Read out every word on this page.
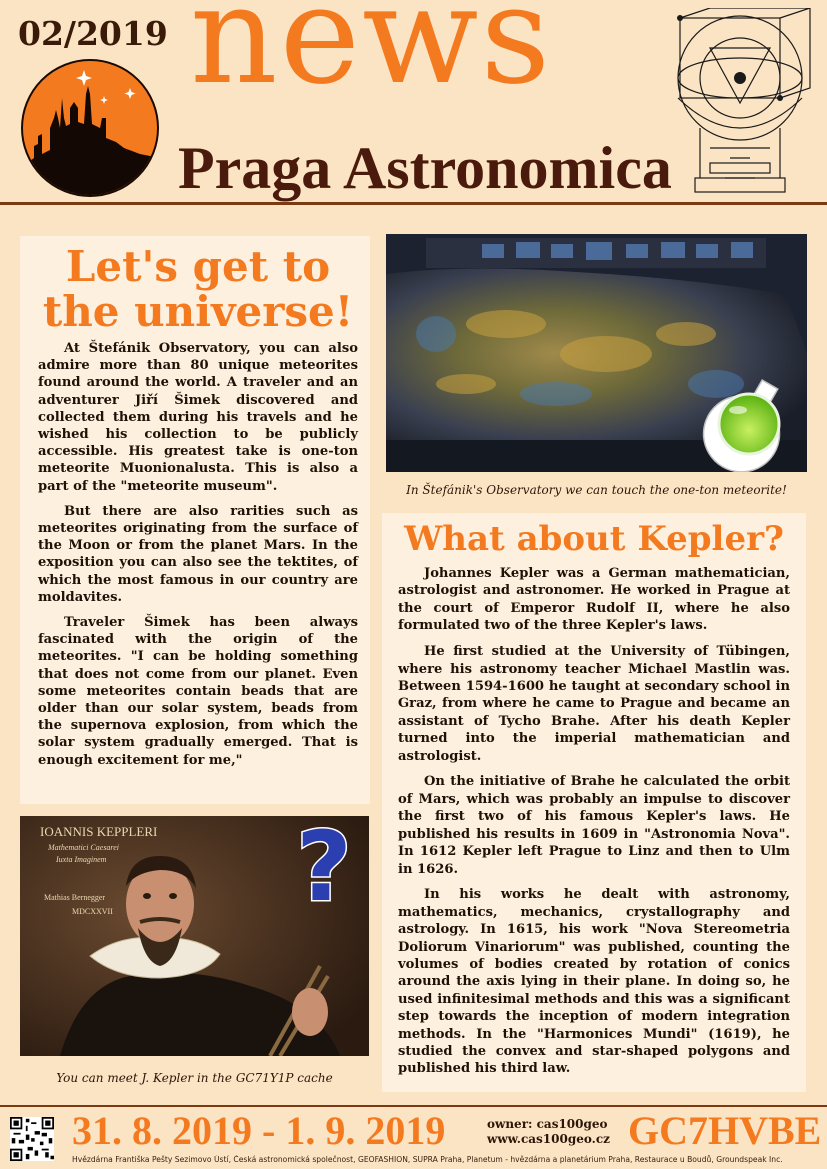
02/2019 news
Praga Astronomica
Let's get to
the universe!

At Štefánik Observatory, you can also admire more than 80 unique meteorites found around the world. A traveler and an adventurer Jiří Šimek discovered and collected them during his travels and he wished his collection to be publicly accessible. His greatest take is one-ton meteorite Muonionalusta. This is also a part of the "meteorite museum".

But there are also rarities such as meteorites originating from the surface of the Moon or from the planet Mars. In the exposition you can also see the tektites, of which the most famous in our country are moldavites.

Traveler Šimek has been always fascinated with the origin of the meteorites. "I can be holding something that does not come from our planet. Even some meteorites contain beads that are older than our solar system, beads from the supernova explosion, from which the solar system gradually emerged. That is enough excitement for me,"

In Štefánik's Observatory we can touch the one-ton meteorite!
What about Kepler?

Johannes Kepler was a German mathematician, astrologist and astronomer. He worked in Prague at the court of Emperor Rudolf II, where he also formulated two of the three Kepler's laws.

He first studied at the University of Tübingen, where his astronomy teacher Michael Mastlin was. Between 1594-1600 he taught at secondary school in Graz, from where he came to Prague and became an assistant of Tycho Brahe. After his death Kepler turned into the imperial mathematician and astrologist.

On the initiative of Brahe he calculated the orbit of Mars, which was probably an impulse to discover the first two of his famous Kepler's laws. He published his results in 1609 in "Astronomia Nova". In 1612 Kepler left Prague to Linz and then to Ulm in 1626.

In his works he dealt with astronomy, mathematics, mechanics, crystallography and astrology. In 1615, his work "Nova Stereometria Doliorum Vinariorum" was published, counting the volumes of bodies created by rotation of conics around the axis lying in their plane. In doing so, he used infinitesimal methods and this was a significant step towards the inception of modern integration methods. In the "Harmonices Mundi" (1619), he studied the convex and star-shaped polygons and published his third law.

IOANNIS KEPPLERI
Mathematici Caesarei
Iuxta Imaginem
Mathias Bernegger
MDCXXVII ?
You can meet J. Kepler in the GC71Y1P cache
31. 8. 2019 - 1. 9. 2019	owner: cas100geo
www.cas100geo.cz GC7HVBE
Hvězdárna Františka Pešty Sezimovo Ústí, Česká astronomická společnost, GEOFASHION, SUPRA Praha, Planetum - hvězdárna a planetárium Praha, Restaurace u Boudů, Groundspeak Inc.
